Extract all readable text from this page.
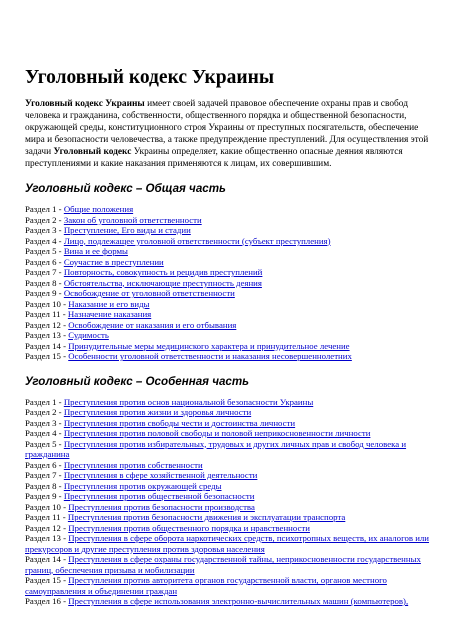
Уголовный кодекс Украины

Уголовный кодекс Украины имеет своей задачей правовое обеспечение охраны прав и свобод человека и гражданина, собственности, общественного порядка и общественной безопасности, окружающей среды, конституционного строя Украины от преступных посягательств, обеспечение мира и безопасности человечества, а также предупреждение преступлений. Для осуществления этой задачи Уголовный кодекс Украины определяет, какие общественно опасные деяния являются преступлениями и какие наказания применяются к лицам, их совершившим.

Уголовный кодекс – Общая часть
Раздел 1 - Общие положения
Раздел 2 - Закон об уголовной ответственности
Раздел 3 - Преступление, Его виды и стадии
Раздел 4 - Лицо, подлежащее уголовной ответственности (субъект преступления)
Раздел 5 - Вина и ее формы
Раздел 6 - Соучастие в преступлении
Раздел 7 - Повторность, совокупность и рецидив преступлений
Раздел 8 - Обстоятельства, исключающие преступность деяния
Раздел 9 - Освобождение от уголовной ответственности
Раздел 10 - Наказание и его виды
Раздел 11 - Назначение наказания
Раздел 12 - Освобождение от наказания и его отбывания
Раздел 13 - Судимость
Раздел 14 - Принудительные меры медицинского характера и принудительное лечение
Раздел 15 - Особенности уголовной ответственности и наказания несовершеннолетних
Уголовный кодекс – Особенная часть
Раздел 1 - Преступления против основ национальной безопасности Украины
Раздел 2 - Преступления против жизни и здоровья личности
Раздел 3 - Преступления против свободы чести и достоинства личности
Раздел 4 - Преступления против половой свободы и половой неприкосновенности личности
Раздел 5 - Преступления против избирательных, трудовых и других личных прав и свобод человека и гражданина
Раздел 6 - Преступления против собственности
Раздел 7 - Преступления в сфере хозяйственной деятельности
Раздел 8 - Преступления против окружающей среды
Раздел 9 - Преступления против общественной безопасности
Раздел 10 - Преступления против безопасности производства
Раздел 11 - Преступления против безопасности движения и эксплуатации транспорта
Раздел 12 - Преступления против общественного порядка и нравственности
Раздел 13 - Преступления в сфере оборота наркотических средств, психотропных веществ, их аналогов или прекурсоров и другие преступления против здоровья населения
Раздел 14 - Преступления в сфере охраны государственной тайны, неприкосновенности государственных границ, обеспечения призыва и мобилизации
Раздел 15 - Преступления против авторитета органов государственной власти, органов местного самоуправления и объединении граждан
Раздел 16 - Преступления в сфере использования электронно-вычислительных машин (компьютеров),
